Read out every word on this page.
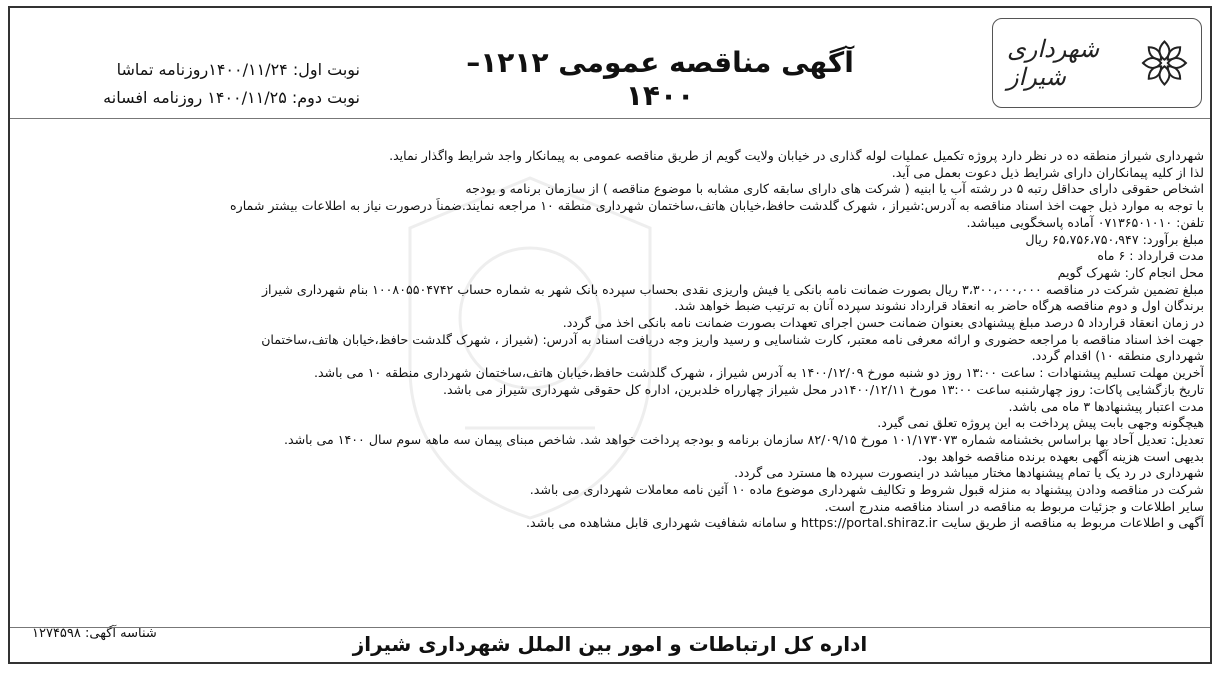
شهرداری شیراز
آگهی مناقصه عمومی ۱۲۱۲–۱۴۰۰
نوبت اول: ۱۴۰۰/۱۱/۲۴روزنامه تماشا
نوبت دوم: ۱۴۰۰/۱۱/۲۵ روزنامه افسانه
شهرداری شیراز منطقه ده در نظر دارد پروژه تکمیل عملیات لوله گذاری در خیابان ولایت گویم از طریق مناقصه عمومی به پیمانکار واجد شرایط واگذار نماید.
لذا از کلیه پیمانکاران دارای شرایط ذیل دعوت بعمل می آید.
اشخاص حقوقی دارای حداقل رتبه ۵ در رشته آب یا ابنیه ( شرکت های دارای سابقه کاری مشابه با موضوع مناقصه ) از سازمان برنامه و بودجه
با توجه به موارد ذیل جهت اخذ اسناد مناقصه به آدرس:شیراز ، شهرک گلدشت حافظ،خیابان هاتف،ساختمان شهرداری منطقه ۱۰ مراجعه نمایند.ضمناً درصورت نیاز به اطلاعات بیشتر شماره
تلفن: ۰۷۱۳۶۵۰۱۰۱۰ آماده پاسخگویی میباشد.
مبلغ برآورد: ۶۵،۷۵۶،۷۵۰،۹۴۷ ریال
مدت قرارداد : ۶ ماه
محل انجام کار: شهرک گویم
مبلغ تضمین شرکت در مناقصه ۳،۳۰۰،۰۰۰،۰۰۰ ریال بصورت ضمانت نامه بانکی یا فیش واریزی نقدی بحساب سپرده بانک شهر به شماره حساب ۱۰۰۸۰۵۵۰۴۷۴۲ بنام شهرداری شیراز
برندگان اول و دوم مناقصه هرگاه حاضر به انعقاد قرارداد نشوند سپرده آنان به ترتیب ضبط خواهد شد.
در زمان انعقاد قرارداد ۵ درصد مبلغ پیشنهادی بعنوان ضمانت حسن اجرای تعهدات بصورت ضمانت نامه بانکی اخذ می گردد.
جهت اخذ اسناد مناقصه با مراجعه حضوری و ارائه معرفی نامه معتبر، کارت شناسایی و رسید واریز وجه دریافت اسناد به آدرس: (شیراز ، شهرک گلدشت حافظ،خیابان هاتف،ساختمان
شهرداری منطقه ۱۰) اقدام گردد.
آخرین مهلت تسلیم پیشنهادات : ساعت ۱۳:۰۰ روز دو شنبه مورخ ۱۴۰۰/۱۲/۰۹ به آدرس شیراز ، شهرک گلدشت حافظ،خیابان هاتف،ساختمان شهرداری منطقه ۱۰ می باشد.
تاریخ بازگشایی پاکات: روز چهارشنبه ساعت ۱۳:۰۰ مورخ ۱۴۰۰/۱۲/۱۱در محل شیراز چهارراه خلدبرین، اداره کل حقوقی شهرداری شیراز می باشد.
مدت اعتبار پیشنهادها ۳ ماه می باشد.
هیچگونه وجهی بابت پیش پرداخت به این پروژه تعلق نمی گیرد.
تعدیل: تعدیل آحاد بها براساس بخشنامه شماره ۱۰۱/۱۷۳۰۷۳ مورخ ۸۲/۰۹/۱۵ سازمان برنامه و بودجه پرداخت خواهد شد. شاخص مبنای پیمان سه ماهه سوم سال ۱۴۰۰ می باشد.
بدیهی است هزینه آگهی بعهده برنده مناقصه خواهد بود.
شهرداری در رد یک یا تمام پیشنهادها مختار میباشد در اینصورت سپرده ها مسترد می گردد.
شرکت در مناقصه ودادن پیشنهاد به منزله قبول شروط و تکالیف شهرداری موضوع ماده ۱۰ آئین نامه معاملات شهرداری می باشد.
سایر اطلاعات و جزئیات مربوط به مناقصه در اسناد مناقصه مندرج است.
آگهی و اطلاعات مربوط به مناقصه از طریق سایت https://portal.shiraz.ir و سامانه شفافیت شهرداری قابل مشاهده می باشد.
شناسه آگهی: ۱۲۷۴۵۹۸	اداره کل ارتباطات و امور بین الملل شهرداری شیراز
